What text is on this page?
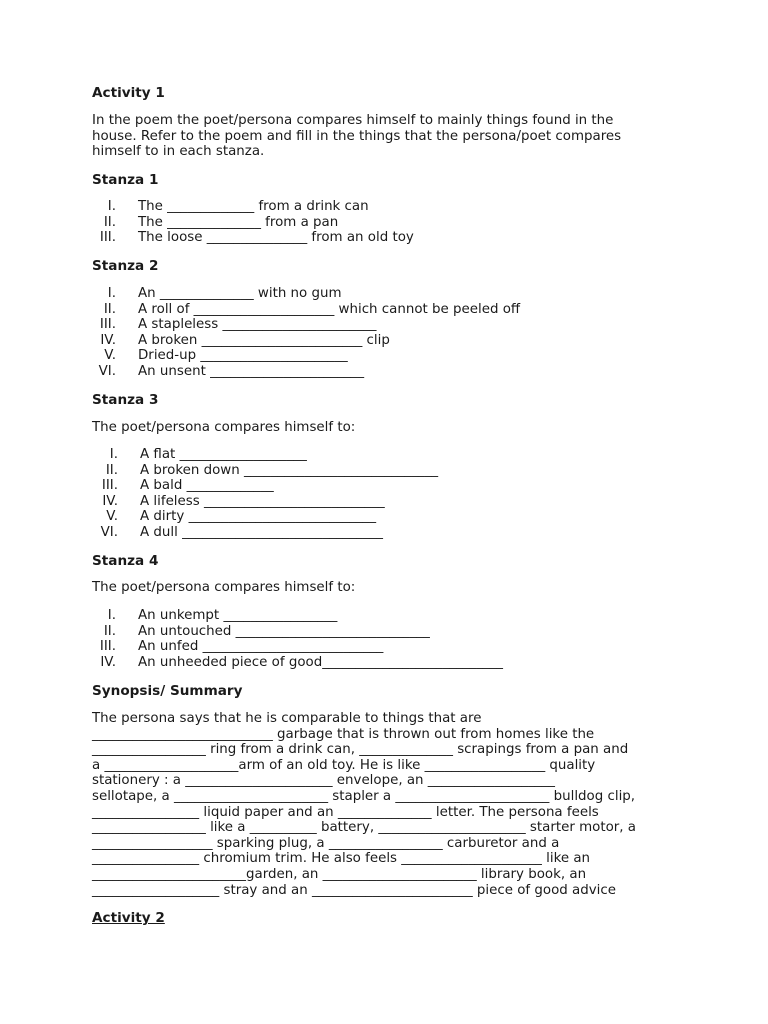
Activity 1

In the poem the poet/persona compares himself to mainly things found in the

house. Refer to the poem and fill in the things that the persona/poet compares

himself to in each stanza.

Stanza 1
I. The _____________ from a drink can
II. The ______________ from a pan
III. The loose _______________ from an old toy
Stanza 2
I. An ______________ with no gum
II. A roll of _____________________ which cannot be peeled off
III. A stapleless _______________________
IV. A broken ________________________ clip
V. Dried-up ______________________
VI. An unsent _______________________
Stanza 3
The poet/persona compares himself to:
I. A flat ___________________
II. A broken down _____________________________
III. A bald _____________
IV. A lifeless ___________________________
V. A dirty ____________________________
VI. A dull ______________________________
Stanza 4
The poet/persona compares himself to:
I. An unkempt _________________
II. An untouched _____________________________
III. An unfed ___________________________
IV. An unheeded piece of good___________________________
Synopsis/ Summary

The persona says that he is comparable to things that are

___________________________ garbage that is thrown out from homes like the

_________________ ring from a drink can, ______________ scrapings from a pan and

a ____________________arm of an old toy. He is like __________________ quality

stationery : a ______________________ envelope, an ___________________

sellotape, a _______________________ stapler a _______________________ bulldog clip,

________________ liquid paper and an ______________ letter. The persona feels

_________________ like a __________ battery, ______________________ starter motor, a

__________________ sparking plug, a _________________ carburetor and a

________________ chromium trim. He also feels _____________________ like an

_______________________garden, an _______________________ library book, an

___________________ stray and an ________________________ piece of good advice

Activity 2
